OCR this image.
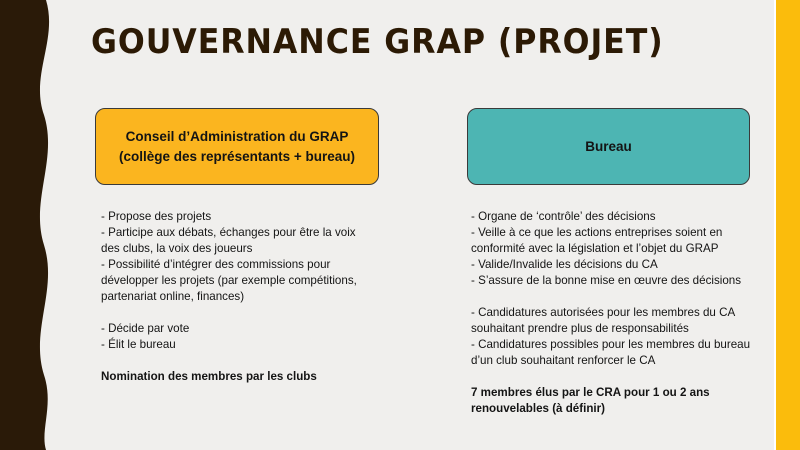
GOUVERNANCE GRAP (PROJET)
Conseil d’Administration du GRAP
(collège des représentants + bureau)
Bureau

- Propose des projets

- Participe aux débats, échanges pour être la voix des clubs, la voix des joueurs

- Possibilité d’intégrer des commissions pour développer les projets (par exemple compétitions, partenariat online, finances)

- Décide par vote

- Élit le bureau

Nomination des membres par les clubs

- Organe de ‘contrôle’ des décisions

- Veille à ce que les actions entreprises soient en conformité avec la législation et l’objet du GRAP

- Valide/Invalide les décisions du CA

- S’assure de la bonne mise en œuvre des décisions

- Candidatures autorisées pour les membres du CA souhaitant prendre plus de responsabilités

- Candidatures possibles pour les membres du bureau d’un club souhaitant renforcer le CA

7 membres élus par le CRA pour 1 ou 2 ans renouvelables (à définir)
